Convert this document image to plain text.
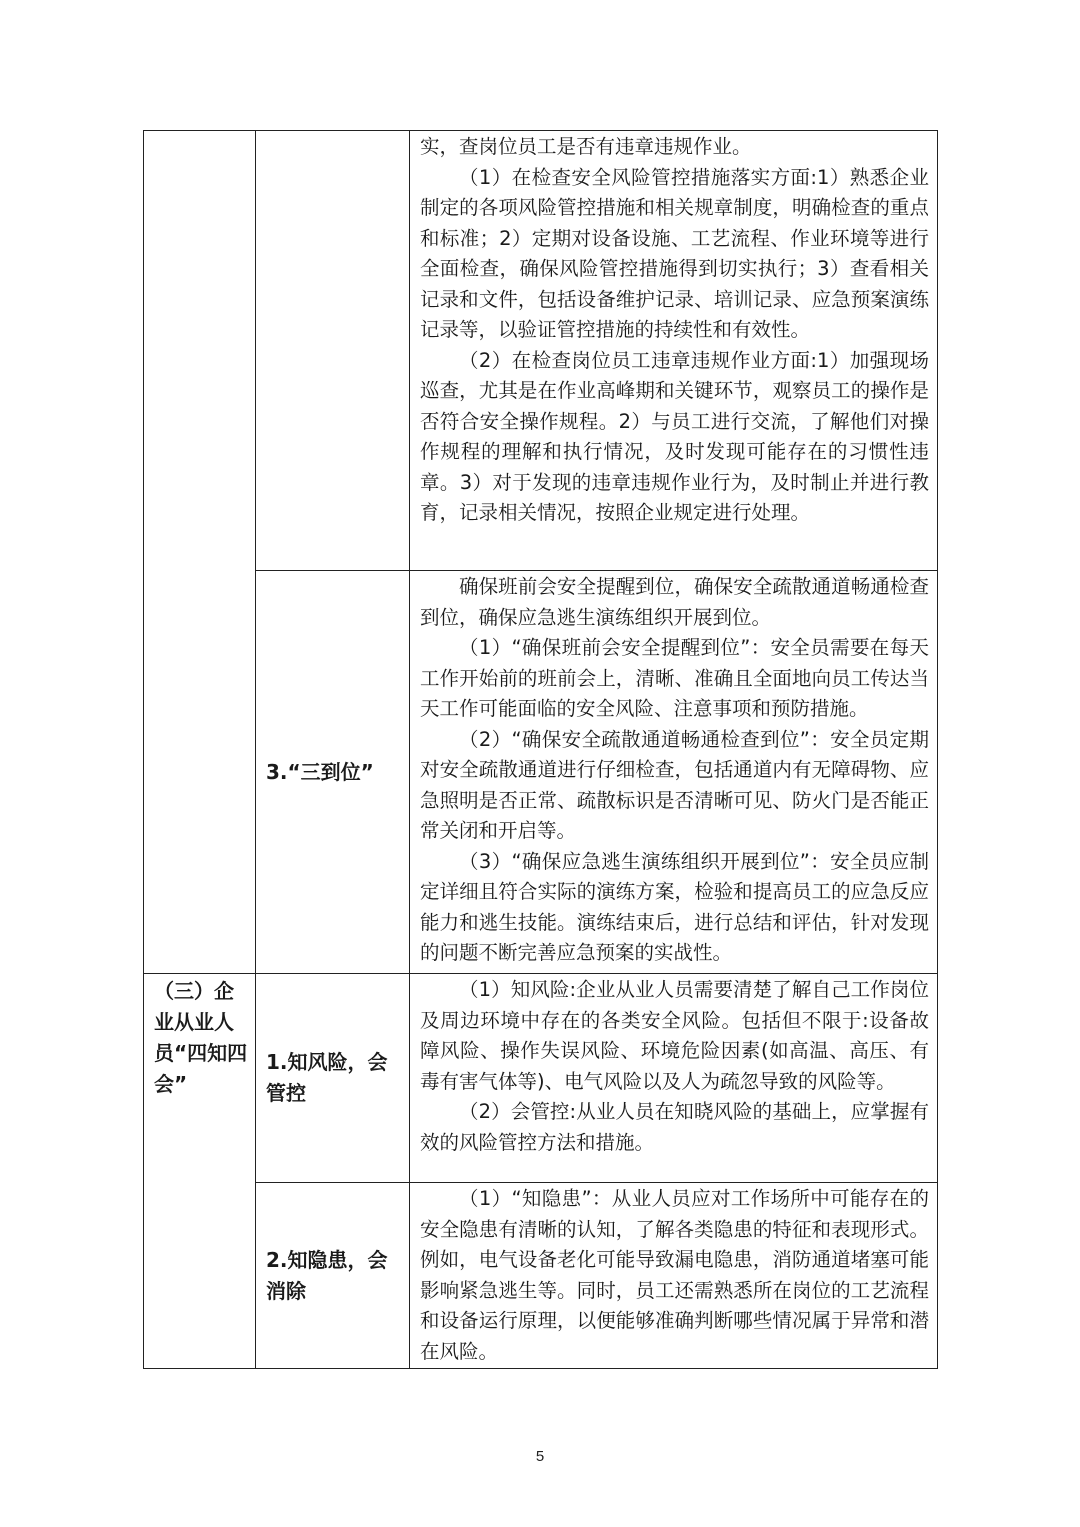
		实，查岗位员工是否有违章违规作业。

（1）在检查安全风险管控措施落实方面:1）熟悉企业制定的各项风险管控措施和相关规章制度，明确检查的重点和标准；2）定期对设备设施、工艺流程、作业环境等进行全面检查，确保风险管控措施得到切实执行；3）查看相关记录和文件，包括设备维护记录、培训记录、应急预案演练记录等，以验证管控措施的持续性和有效性。

（2）在检查岗位员工违章违规作业方面:1）加强现场巡查，尤其是在作业高峰期和关键环节，观察员工的操作是否符合安全操作规程。2）与员工进行交流，了解他们对操作规程的理解和执行情况，及时发现可能存在的习惯性违章。3）对于发现的违章违规作业行为，及时制止并进行教育，记录相关情况，按照企业规定进行处理。

	3.“三到位”	确保班前会安全提醒到位，确保安全疏散通道畅通检查到位，确保应急逃生演练组织开展到位。

（1）“确保班前会安全提醒到位”：安全员需要在每天工作开始前的班前会上，清晰、准确且全面地向员工传达当天工作可能面临的安全风险、注意事项和预防措施。

（2）“确保安全疏散通道畅通检查到位”：安全员定期对安全疏散通道进行仔细检查，包括通道内有无障碍物、应急照明是否正常、疏散标识是否清晰可见、防火门是否能正常关闭和开启等。

（3）“确保应急逃生演练组织开展到位”：安全员应制定详细且符合实际的演练方案，检验和提高员工的应急反应能力和逃生技能。演练结束后，进行总结和评估，针对发现的问题不断完善应急预案的实战性。

（三）企业从业人员“四知四会”	1.知风险，会管控	（1）知风险:企业从业人员需要清楚了解自己工作岗位及周边环境中存在的各类安全风险。包括但不限于:设备故障风险、操作失误风险、环境危险因素(如高温、高压、有毒有害气体等)、电气风险以及人为疏忽导致的风险等。

（2）会管控:从业人员在知晓风险的基础上，应掌握有效的风险管控方法和措施。

	2.知隐患，会消除	（1）“知隐患”：从业人员应对工作场所中可能存在的安全隐患有清晰的认知，了解各类隐患的特征和表现形式。例如，电气设备老化可能导致漏电隐患，消防通道堵塞可能影响紧急逃生等。同时，员工还需熟悉所在岗位的工艺流程和设备运行原理，以便能够准确判断哪些情况属于异常和潜在风险。

5
